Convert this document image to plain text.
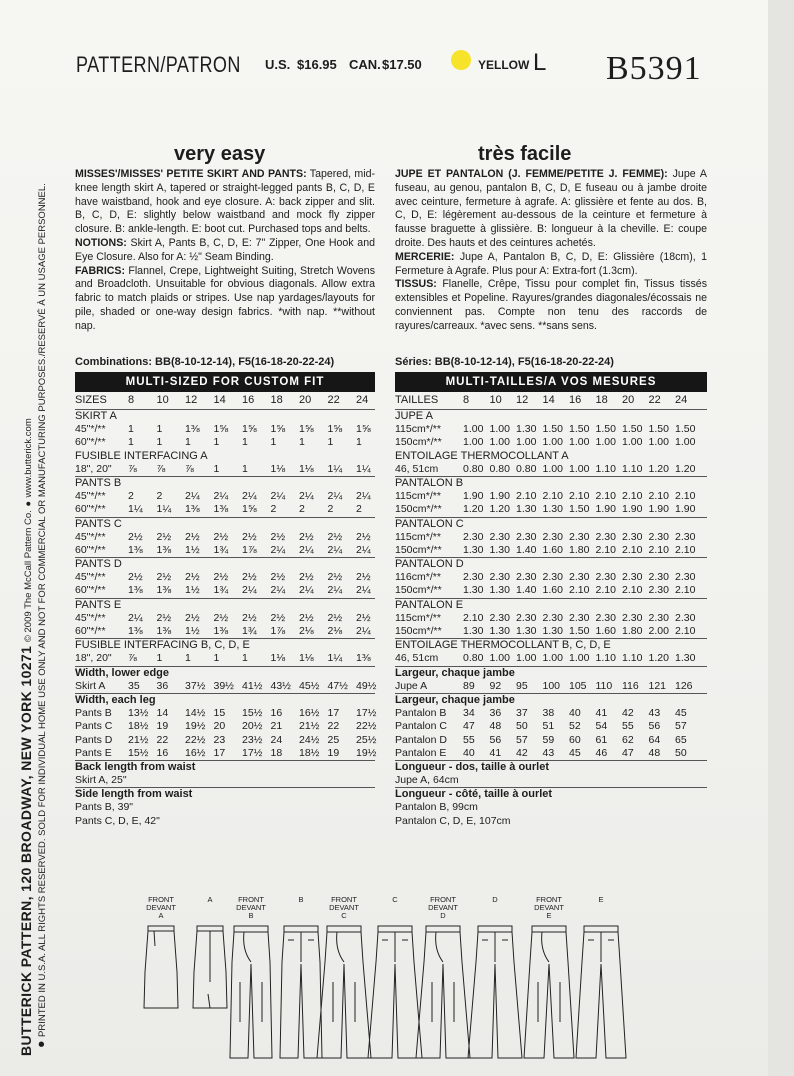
● PRINTED IN U.S.A. ALL RIGHTS RESERVED. SOLD FOR INDIVIDUAL HOME USE ONLY AND NOT FOR COMMERCIAL OR MANUFACTURING PURPOSES./RESERVÉ À UN USAGE PERSONNEL.
BUTTERICK PATTERN, 120 BROADWAY, NEW YORK 10271 © 2009 The McCall Pattern Co. ● www.butterick.com
PATTERN/PATRON U.S. $16.95 CAN. $17.50	YELLOW L B5391
very easy	très facile
MISSES'/MISSES' PETITE SKIRT AND PANTS: Tapered, mid-knee length skirt A, tapered or straight-legged pants B, C, D, E have waistband, hook and eye closure. A: back zipper and slit. B, C, D, E: slightly below waistband and mock fly zipper closure. B: ankle-length. E: boot cut. Purchased tops and belts.
NOTIONS: Skirt A, Pants B, C, D, E: 7" Zipper, One Hook and Eye Closure. Also for A: ½" Seam Binding.
FABRICS: Flannel, Crepe, Lightweight Suiting, Stretch Wovens and Broadcloth. Unsuitable for obvious diagonals. Allow extra fabric to match plaids or stripes. Use nap yardages/layouts for pile, shaded or one-way design fabrics. *with nap. **without nap.
JUPE ET PANTALON (J. FEMME/PETITE J. FEMME): Jupe A fuseau, au genou, pantalon B, C, D, E fuseau ou à jambe droite avec ceinture, fermeture à agrafe. A: glissière et fente au dos. B, C, D, E: légèrement au-dessous de la ceinture et fermeture à fausse braguette à glissière. B: longueur à la cheville. E: coupe droite. Des hauts et des ceintures achetés.
MERCERIE: Jupe A, Pantalon B, C, D, E: Glissière (18cm), 1 Fermeture à Agrafe. Plus pour A: Extra-fort (1.3cm).
TISSUS: Flanelle, Crêpe, Tissu pour complet fin, Tissus tissés extensibles et Popeline. Rayures/grandes diagonales/écossais ne conviennent pas. Compte non tenu des raccords de rayures/carreaux. *avec sens. **sans sens.
Combinations: BB(8-10-12-14), F5(16-18-20-22-24)	Séries: BB(8-10-12-14), F5(16-18-20-22-24)
MULTI-SIZED FOR CUSTOM FIT	MULTI-TAILLES/A VOS MESURES
SIZES 8 10 12 14 16 18 20 22 24
SKIRT A
45"*/** 1 1 1⅜ 1⅝ 1⅝ 1⅝ 1⅝ 1⅝ 1⅝
60"*/** 1 1 1 1 1 1 1 1 1
FUSIBLE INTERFACING A
18", 20" ⅞ ⅞ ⅞ 1 1 1⅛ 1⅛ 1¼ 1¼
PANTS B
45"*/** 2 2 2¼ 2¼ 2¼ 2¼ 2¼ 2¼ 2¼
60"*/** 1¼ 1¼ 1⅜ 1⅜ 1⅝ 2 2 2 2
PANTS C
45"*/** 2½ 2½ 2½ 2½ 2½ 2½ 2½ 2½ 2½
60"*/** 1⅜ 1⅜ 1½ 1¾ 1⅞ 2¼ 2¼ 2¼ 2¼
PANTS D
45"*/** 2½ 2½ 2½ 2½ 2½ 2½ 2½ 2½ 2½
60"*/** 1⅜ 1⅜ 1½ 1¾ 2¼ 2¼ 2¼ 2¼ 2¼
PANTS E
45"*/** 2¼ 2½ 2½ 2½ 2½ 2½ 2½ 2½ 2½
60"*/** 1⅜ 1⅜ 1½ 1⅜ 1¾ 1⅞ 2⅛ 2⅛ 2¼
FUSIBLE INTERFACING B, C, D, E
18", 20" ⅞ 1 1 1 1 1⅛ 1⅛ 1¼ 1⅜
Width, lower edge
Skirt A 35 36 37½ 39½ 41½ 43½ 45½ 47½ 49½
Width, each leg
Pants B 13½ 14 14½ 15 15½ 16 16½ 17 17½
Pants C 18½ 19 19½ 20 20½ 21 21½ 22 22½
Pants D 21½ 22 22½ 23 23½ 24 24½ 25 25½
Pants E 15½ 16 16½ 17 17½ 18 18½ 19 19½
Back length from waist
Skirt A, 25"
Side length from waist
Pants B, 39"
Pants C, D, E, 42"
TAILLES 8 10 12 14 16 18 20 22 24
JUPE A
115cm*/** 1.00 1.00 1.30 1.50 1.50 1.50 1.50 1.50 1.50
150cm*/** 1.00 1.00 1.00 1.00 1.00 1.00 1.00 1.00 1.00
ENTOILAGE THERMOCOLLANT A
46, 51cm 0.80 0.80 0.80 1.00 1.00 1.10 1.10 1.20 1.20
PANTALON B
115cm*/** 1.90 1.90 2.10 2.10 2.10 2.10 2.10 2.10 2.10
150cm*/** 1.20 1.20 1.30 1.30 1.50 1.90 1.90 1.90 1.90
PANTALON C
115cm*/** 2.30 2.30 2.30 2.30 2.30 2.30 2.30 2.30 2.30
150cm*/** 1.30 1.30 1.40 1.60 1.80 2.10 2.10 2.10 2.10
PANTALON D
116cm*/** 2.30 2.30 2.30 2.30 2.30 2.30 2.30 2.30 2.30
150cm*/** 1.30 1.30 1.40 1.60 2.10 2.10 2.10 2.30 2.10
PANTALON E
115cm*/** 2.10 2.30 2.30 2.30 2.30 2.30 2.30 2.30 2.30
150cm*/** 1.30 1.30 1.30 1.30 1.50 1.60 1.80 2.00 2.10
ENTOILAGE THERMOCOLLANT B, C, D, E
46, 51cm 0.80 1.00 1.00 1.00 1.00 1.10 1.10 1.20 1.30
Largeur, chaque jambe
Jupe A	89 92 95 100 105 110 116 121 126
Largeur, chaque jambe
Pantalon B 34 36 37 38 40 41 42 43 45
Pantalon C 47 48 50 51 52 54 55 56 57
Pantalon D 55 56 57 59 60 61 62 64 65
Pantalon E 40 41 42 43 45 46 47 48 50
Longueur - dos, taille à ourlet
Jupe A, 64cm
Longueur - côté, taille à ourlet
Pantalon B, 99cm
Pantalon C, D, E, 107cm
FRONT
DEVANT
A
A	FRONT
DEVANT
B
B	FRONT
DEVANT
C
C	FRONT
DEVANT
D
D	FRONT
DEVANT
E
E
